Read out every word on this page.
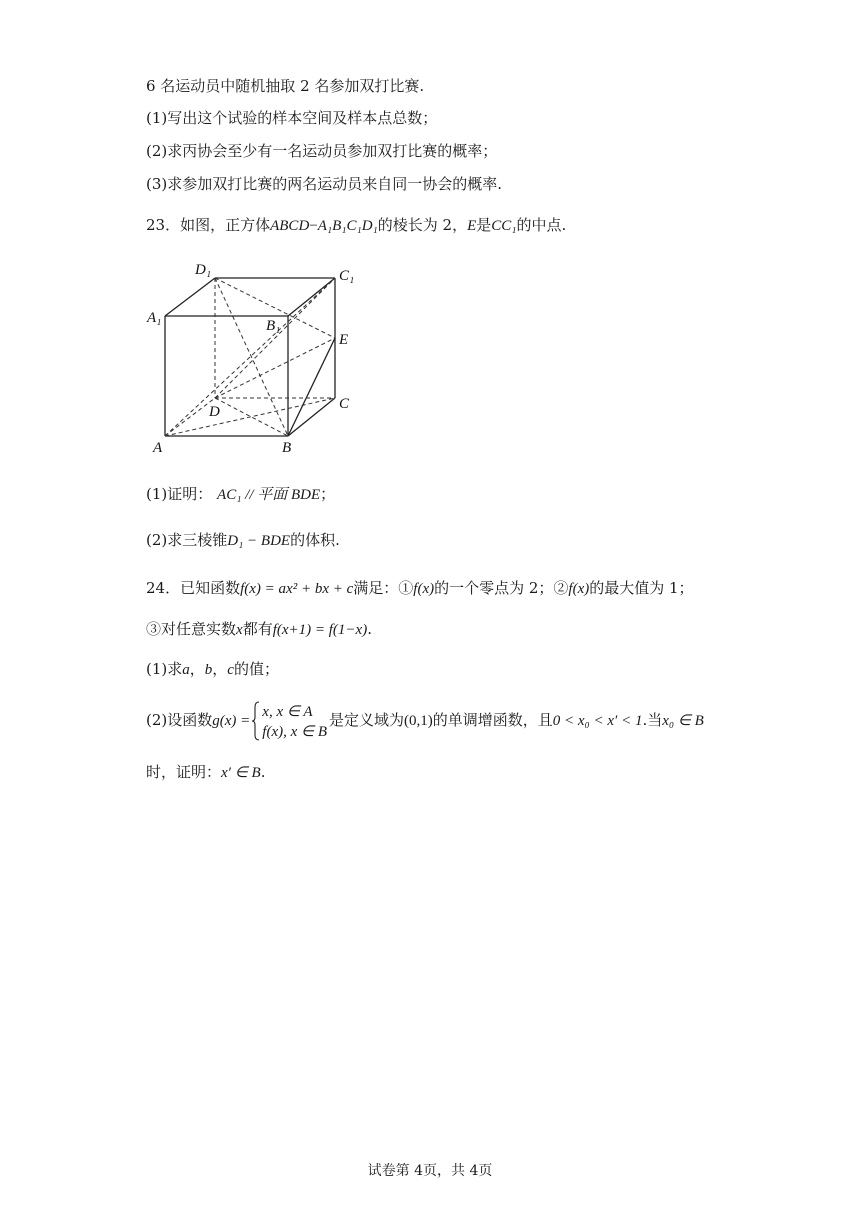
6 名运动员中随机抽取 2 名参加双打比赛.
(1)写出这个试验的样本空间及样本点总数；
(2)求丙协会至少有一名运动员参加双打比赛的概率；
(3)求参加双打比赛的两名运动员来自同一协会的概率.
23．如图，正方体ABCD−A₁B₁C₁D₁的棱长为 2，E是CC₁的中点.
D₁	C₁
A₁	B₁
E
D	C
A	B
(1)证明： AC₁ // 平面 BDE；
(2)求三棱锥D₁ − BDE的体积.
24．已知函数f(x) = ax² + bx + c满足：①f(x)的一个零点为 2；②f(x)的最大值为 1；
③对任意实数x都有f(x+1) = f(1−x).
(1)求a，b，c的值；
(2)设函数g(x) =
x, x ∈ A
f(x), x ∈ B
是定义域为(0,1)的单调增函数，且0 < x₀ < x′ < 1.当x₀ ∈ B
时，证明：x′ ∈ B.
试卷第 4页，共 4页
